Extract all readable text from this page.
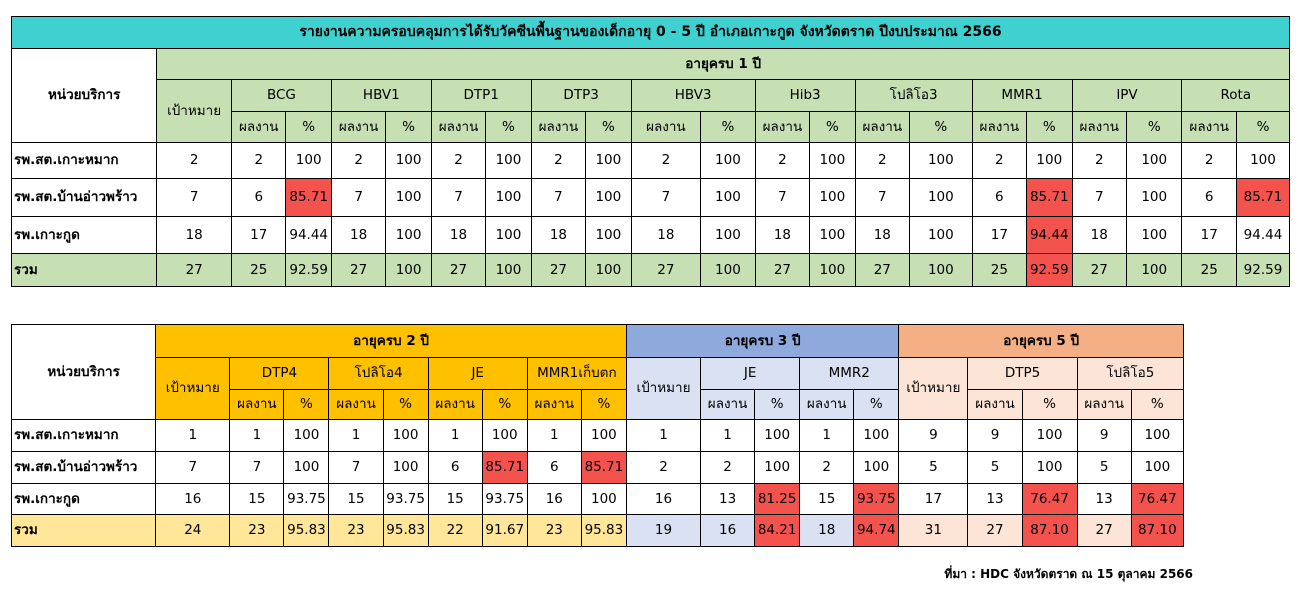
รายงานความครอบคลุมการได้รับวัคซีนพื้นฐานของเด็กอายุ 0 - 5 ปี อำเภอเกาะกูด จังหวัดตราด ปีงบประมาณ 2566																					
หน่วยบริการ	อายุครบ 1 ปี																				
	เป้าหมาย	BCG		HBV1		DTP1		DTP3		HBV3		Hib3		โปลิโอ3		MMR1		IPV		Rota	
		ผลงาน	%	ผลงาน	%	ผลงาน	%	ผลงาน	%	ผลงาน	%	ผลงาน	%	ผลงาน	%	ผลงาน	%	ผลงาน	%	ผลงาน	%
รพ.สต.เกาะหมาก	2	2	100	2	100	2	100	2	100	2	100	2	100	2	100	2	100	2	100	2	100
รพ.สต.บ้านอ่าวพร้าว	7	6	85.71	7	100	7	100	7	100	7	100	7	100	7	100	6	85.71	7	100	6	85.71
รพ.เกาะกูด	18	17	94.44	18	100	18	100	18	100	18	100	18	100	18	100	17	94.44	18	100	17	94.44
รวม	27	25	92.59	27	100	27	100	27	100	27	100	27	100	27	100	25	92.59	27	100	25	92.59
หน่วยบริการ	อายุครบ 2 ปี									อายุครบ 3 ปี					อายุครบ 5 ปี				
	เป้าหมาย	DTP4		โปลิโอ4		JE		MMR1เก็บตก		เป้าหมาย	JE		MMR2		เป้าหมาย	DTP5		โปลิโอ5	
		ผลงาน	%	ผลงาน	%	ผลงาน	%	ผลงาน	%		ผลงาน	%	ผลงาน	%		ผลงาน	%	ผลงาน	%
รพ.สต.เกาะหมาก	1	1	100	1	100	1	100	1	100	1	1	100	1	100	9	9	100	9	100
รพ.สต.บ้านอ่าวพร้าว	7	7	100	7	100	6	85.71	6	85.71	2	2	100	2	100	5	5	100	5	100
รพ.เกาะกูด	16	15	93.75	15	93.75	15	93.75	16	100	16	13	81.25	15	93.75	17	13	76.47	13	76.47
รวม	24	23	95.83	23	95.83	22	91.67	23	95.83	19	16	84.21	18	94.74	31	27	87.10	27	87.10
ที่มา : HDC จังหวัดตราด ณ 15 ตุลาคม 2566
